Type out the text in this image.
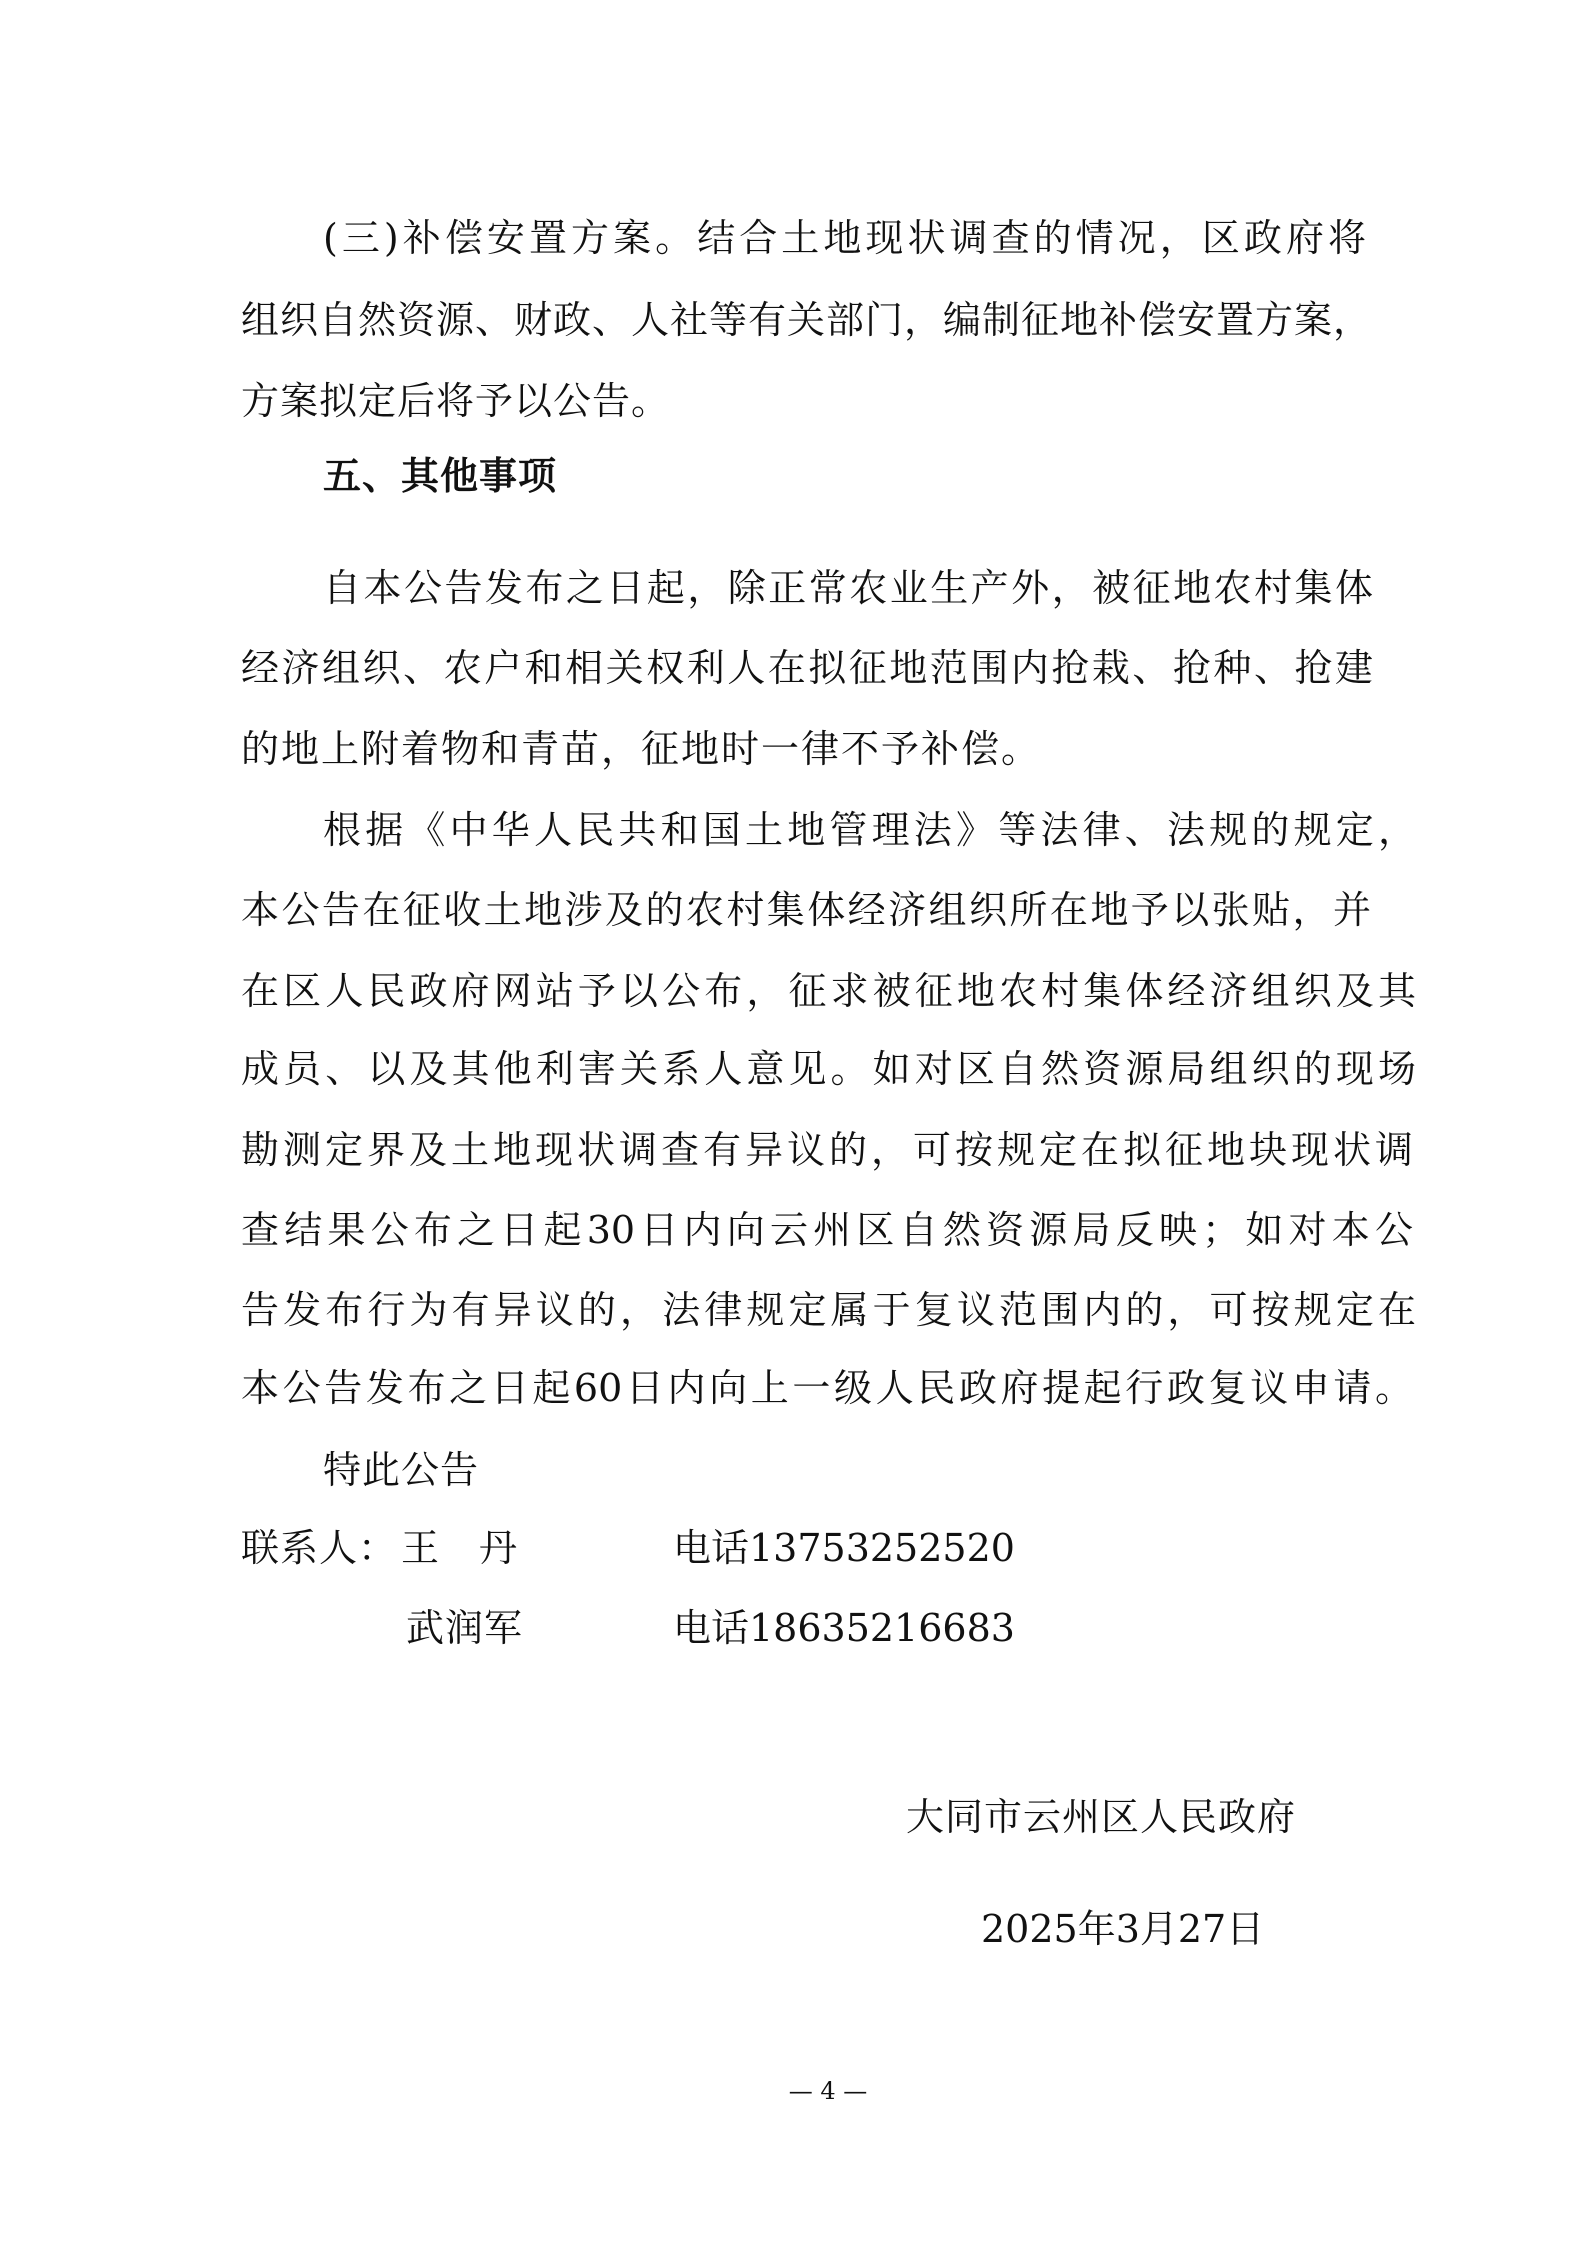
(三)补偿安置方案。结合土地现状调查的情况，区政府将
组织自然资源、财政、人社等有关部门，编制征地补偿安置方案，
方案拟定后将予以公告。
五、其他事项
自本公告发布之日起，除正常农业生产外，被征地农村集体
经济组织、农户和相关权利人在拟征地范围内抢栽、抢种、抢建
的地上附着物和青苗，征地时一律不予补偿。
根据《中华人民共和国土地管理法》等法律、法规的规定，
本公告在征收土地涉及的农村集体经济组织所在地予以张贴，并
在区人民政府网站予以公布，征求被征地农村集体经济组织及其
成员、以及其他利害关系人意见。如对区自然资源局组织的现场
勘测定界及土地现状调查有异议的，可按规定在拟征地块现状调
查结果公布之日起30日内向云州区自然资源局反映；如对本公
告发布行为有异议的，法律规定属于复议范围内的，可按规定在
本公告发布之日起60日内向上一级人民政府提起行政复议申请。
特此公告
联系人： 王　丹	电话13753252520
武润军	电话18635216683
大同市云州区人民政府
2025年3月27日
— 4 —
